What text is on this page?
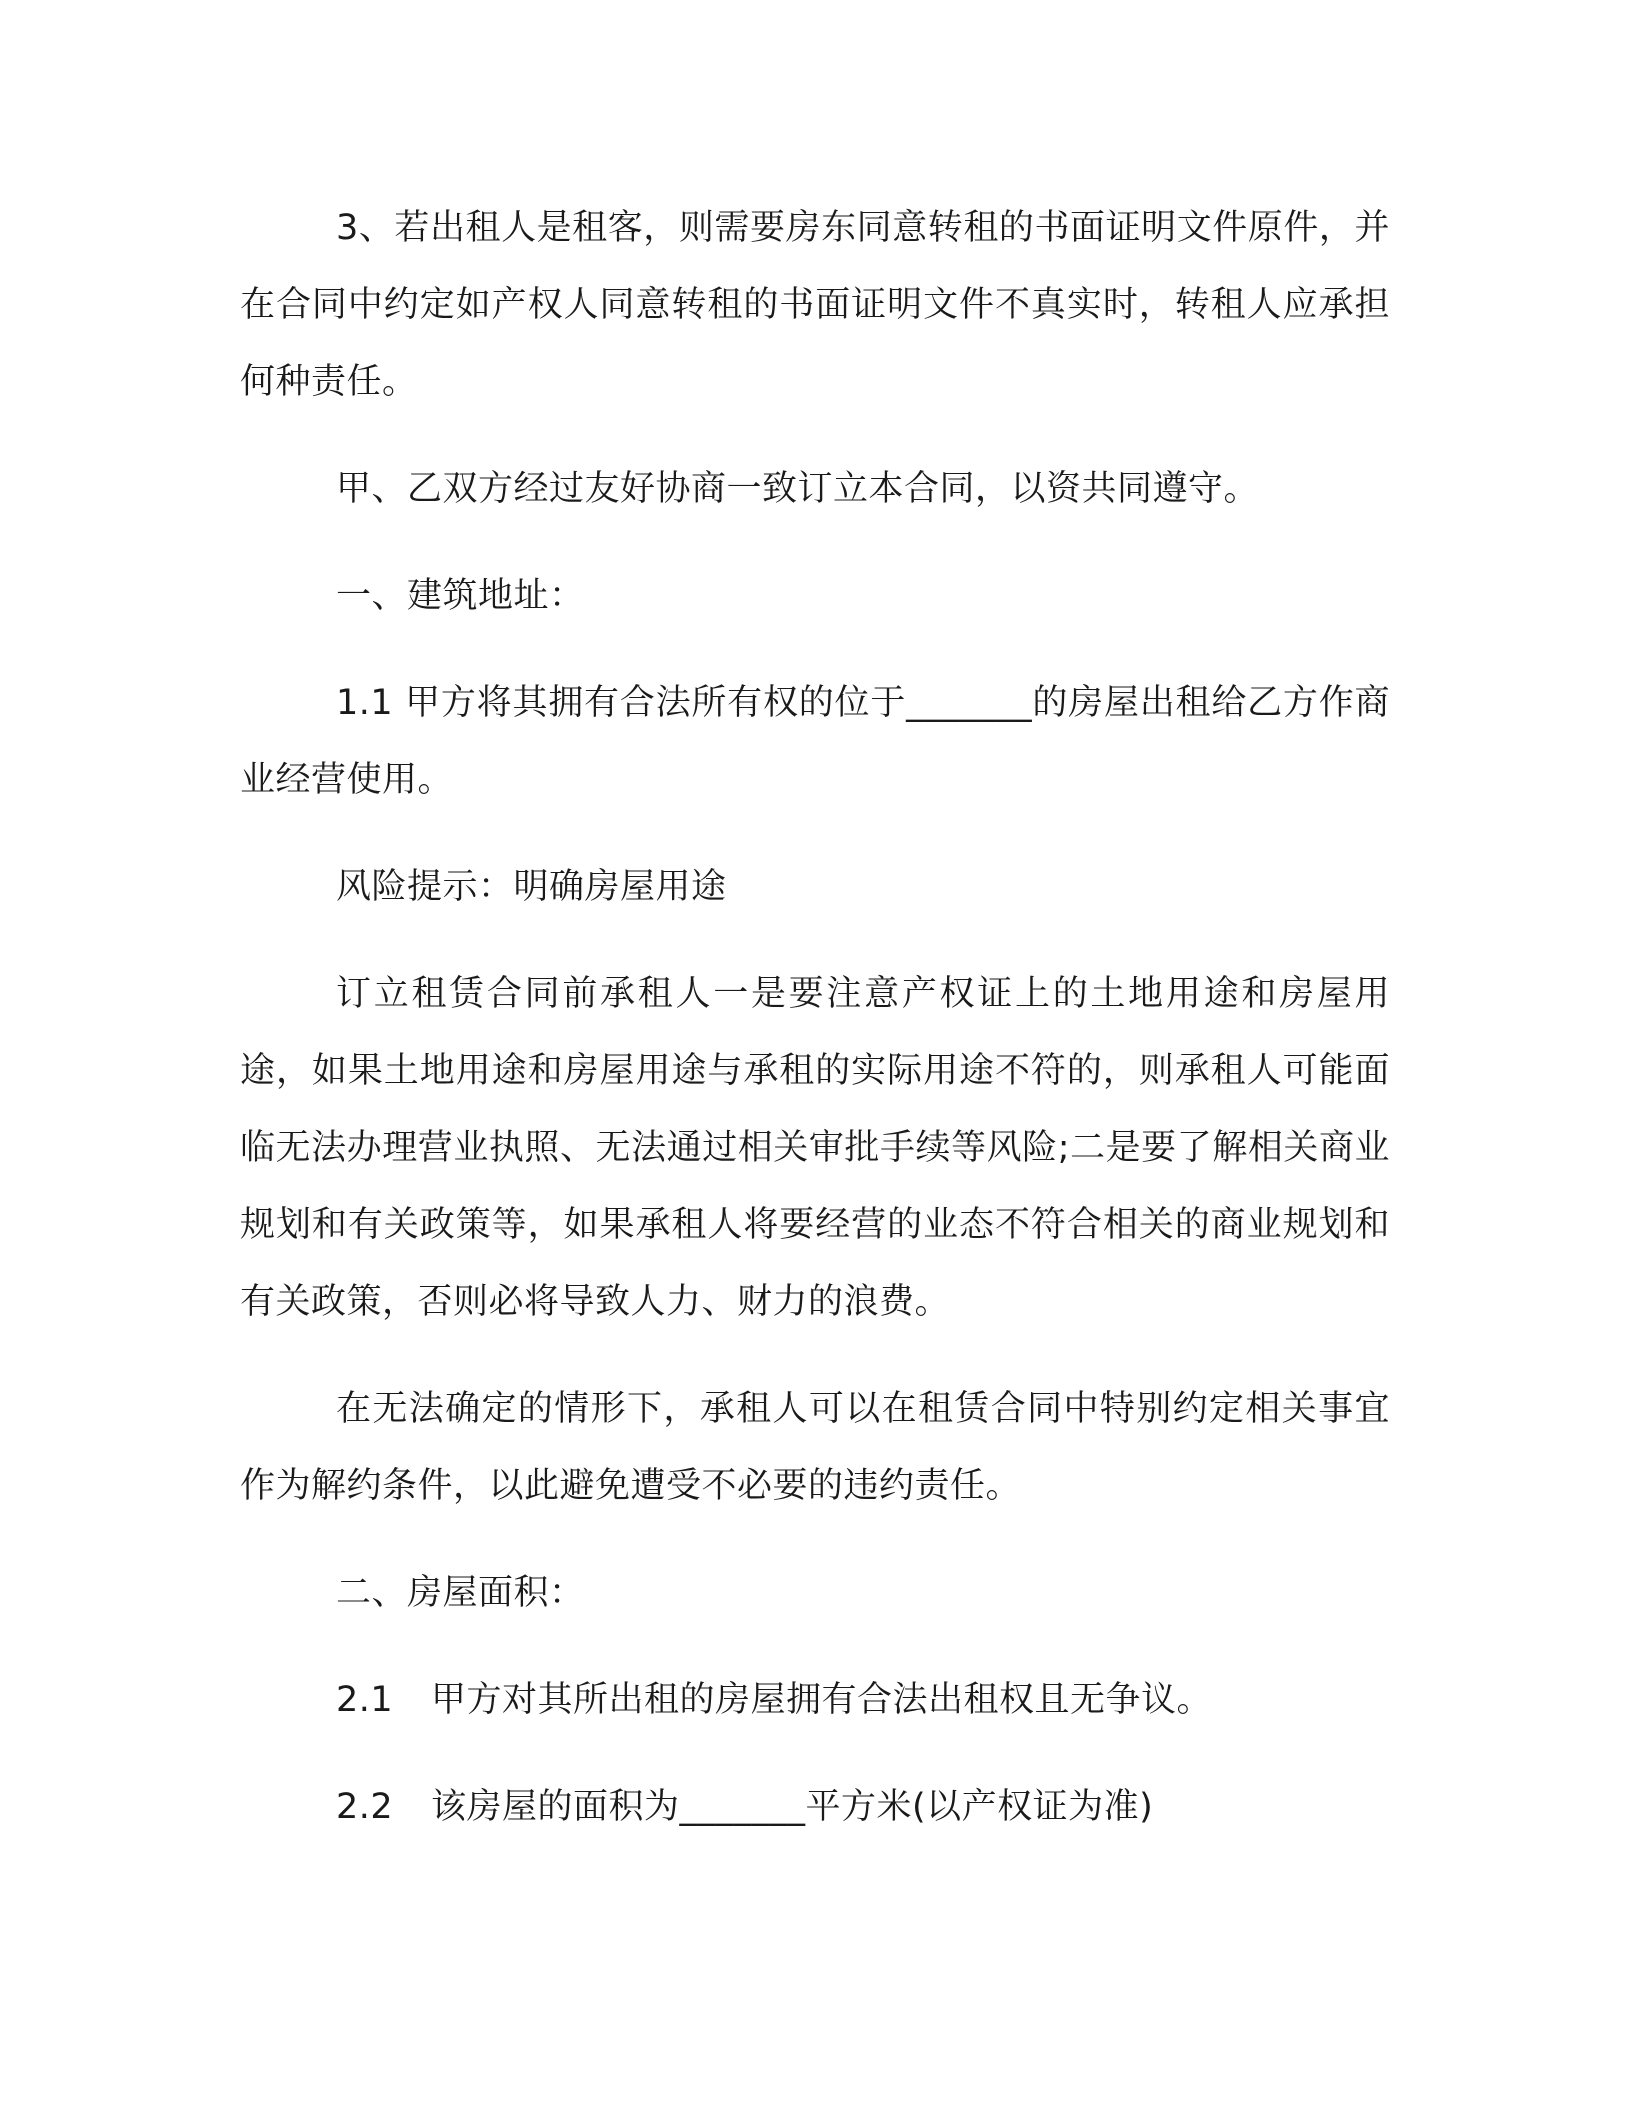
3、若出租人是租客，则需要房东同意转租的书面证明文件原件，并在合同中约定如产权人同意转租的书面证明文件不真实时，转租人应承担何种责任。

甲、乙双方经过友好协商一致订立本合同，以资共同遵守。

一、建筑地址：

1.1 甲方将其拥有合法所有权的位于_______的房屋出租给乙方作商业经营使用。

风险提示：明确房屋用途

订立租赁合同前承租人一是要注意产权证上的土地用途和房屋用途，如果土地用途和房屋用途与承租的实际用途不符的，则承租人可能面临无法办理营业执照、无法通过相关审批手续等风险;二是要了解相关商业规划和有关政策等，如果承租人将要经营的业态不符合相关的商业规划和有关政策，否则必将导致人力、财力的浪费。

在无法确定的情形下，承租人可以在租赁合同中特别约定相关事宜作为解约条件，以此避免遭受不必要的违约责任。

二、房屋面积：

2.1 甲方对其所出租的房屋拥有合法出租权且无争议。

2.2 该房屋的面积为_______平方米(以产权证为准)
